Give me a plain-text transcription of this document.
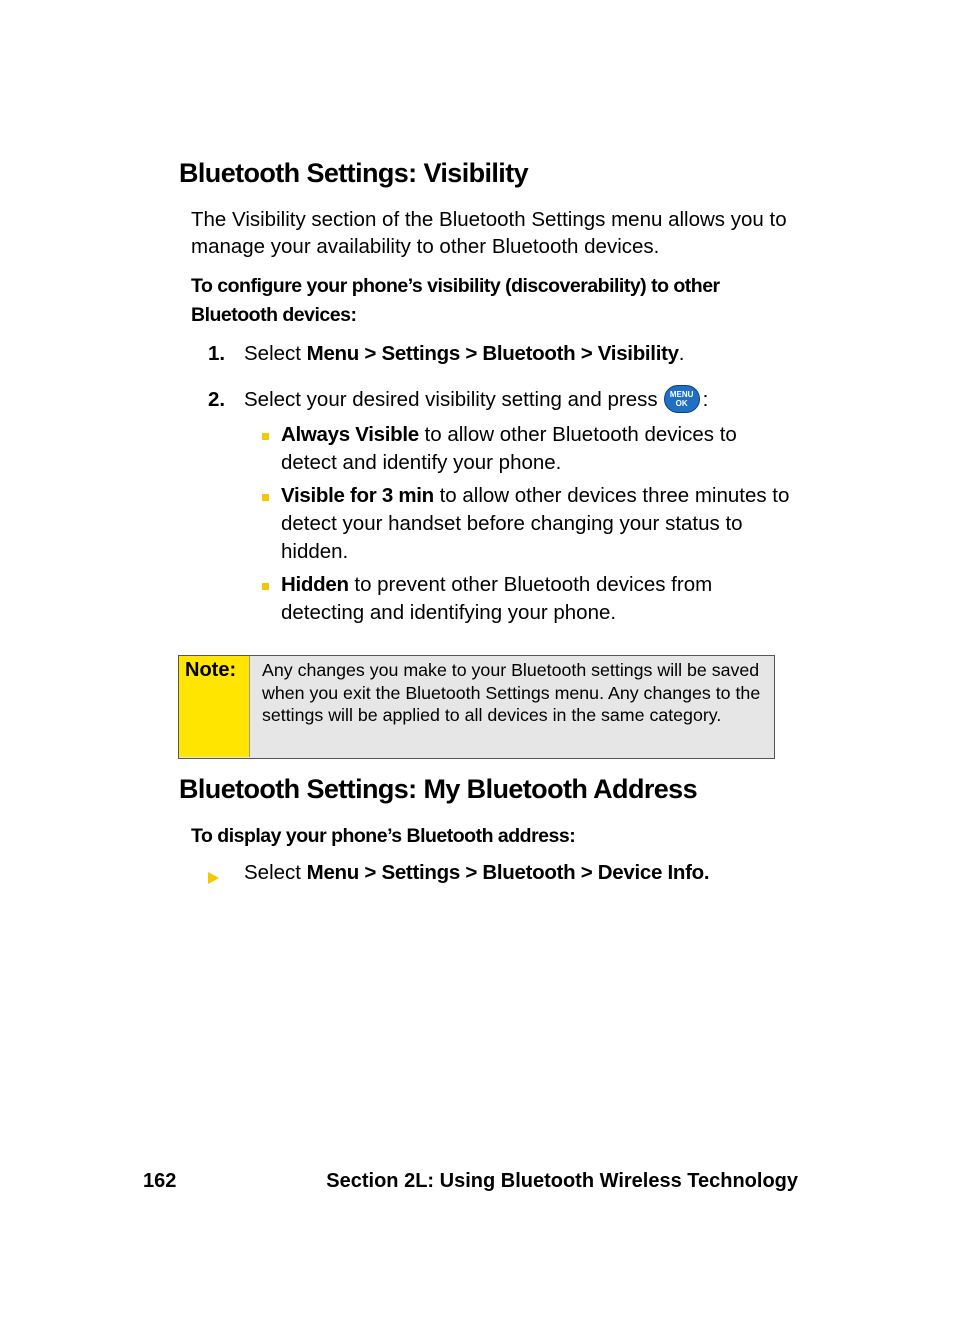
Bluetooth Settings: Visibility

The Visibility section of the Bluetooth Settings menu allows you to manage your availability to other Bluetooth devices.

To configure your phone’s visibility (discoverability) to other Bluetooth devices:

1. Select Menu > Settings > Bluetooth > Visibility.
2. Select your desired visibility setting and press MENU
OK :
Always Visible to allow other Bluetooth devices to detect and identify your phone.
Visible for 3 min to allow other devices three minutes to detect your handset before changing your status to hidden.
Hidden to prevent other Bluetooth devices from detecting and identifying your phone.
Note:	Any changes you make to your Bluetooth settings will be saved when you exit the Bluetooth Settings menu. Any changes to the settings will be applied to all devices in the same category.
Bluetooth Settings: My Bluetooth Address

To display your phone’s Bluetooth address:

Select Menu > Settings > Bluetooth > Device Info.
162	Section 2L: Using Bluetooth Wireless Technology
